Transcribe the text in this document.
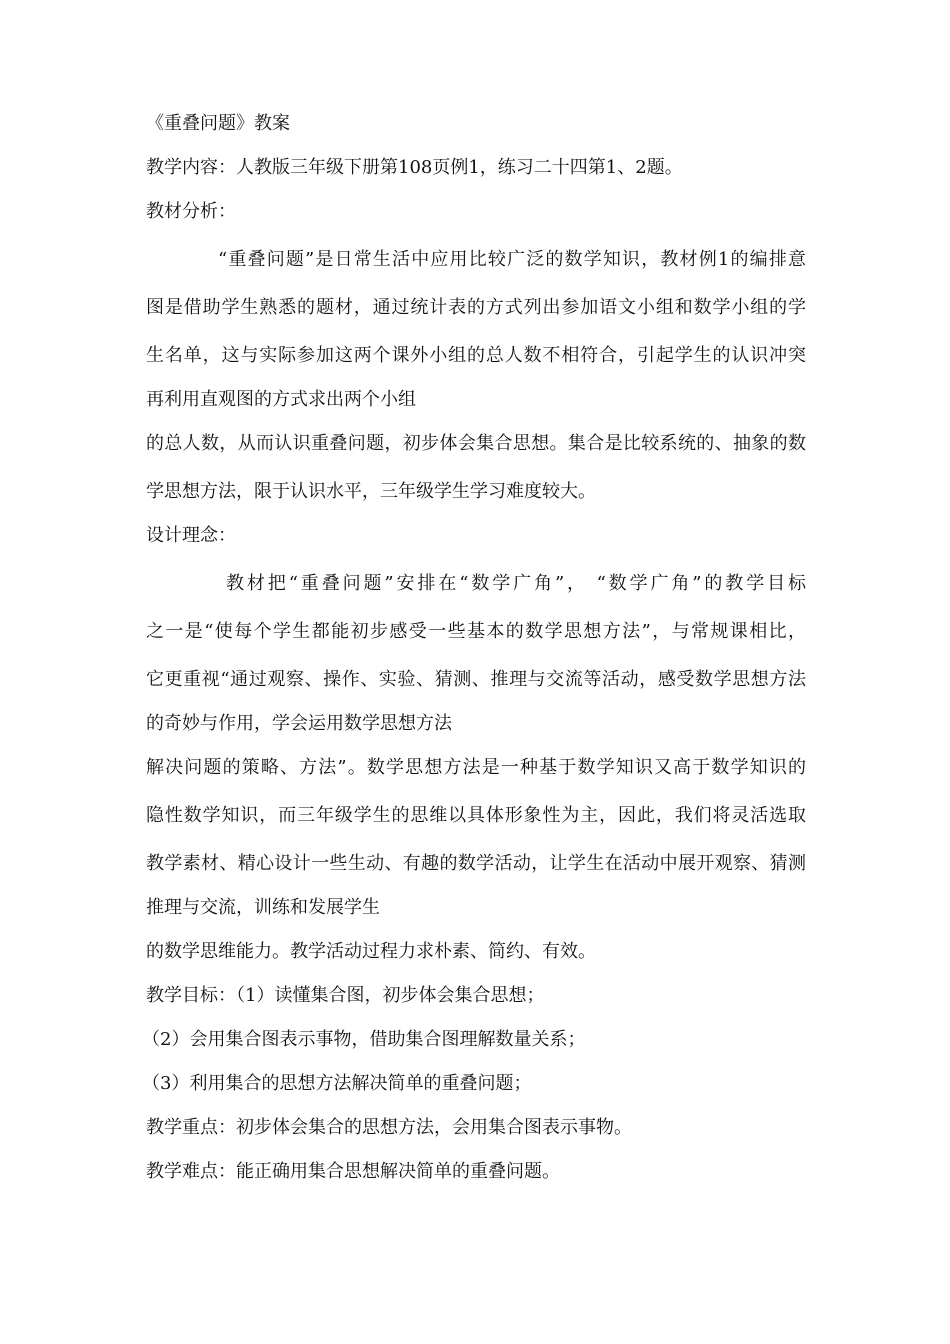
《重叠问题》教案

教学内容：人教版三年级下册第108页例1，练习二十四第1、2题。

教材分析：

“重叠问题”是日常生活中应用比较广泛的数学知识，教材例1的编排意

图是借助学生熟悉的题材，通过统计表的方式列出参加语文小组和数学小组的学

生名单，这与实际参加这两个课外小组的总人数不相符合，引起学生的认识冲突

再利用直观图的方式求出两个小组

的总人数，从而认识重叠问题，初步体会集合思想。集合是比较系统的、抽象的数

学思想方法，限于认识水平，三年级学生学习难度较大。

设计理念：

教材把“重叠问题”安排在“数学广角”， “数学广角”的教学目标

之一是“使每个学生都能初步感受一些基本的数学思想方法”，与常规课相比，

它更重视“通过观察、操作、实验、猜测、推理与交流等活动，感受数学思想方法

的奇妙与作用，学会运用数学思想方法

解决问题的策略、方法”。数学思想方法是一种基于数学知识又高于数学知识的

隐性数学知识，而三年级学生的思维以具体形象性为主，因此，我们将灵活选取

教学素材、精心设计一些生动、有趣的数学活动，让学生在活动中展开观察、猜测

推理与交流，训练和发展学生

的数学思维能力。教学活动过程力求朴素、简约、有效。

教学目标：（1）读懂集合图，初步体会集合思想；

（2）会用集合图表示事物，借助集合图理解数量关系；

（3）利用集合的思想方法解决简单的重叠问题；

教学重点：初步体会集合的思想方法，会用集合图表示事物。

教学难点：能正确用集合思想解决简单的重叠问题。
